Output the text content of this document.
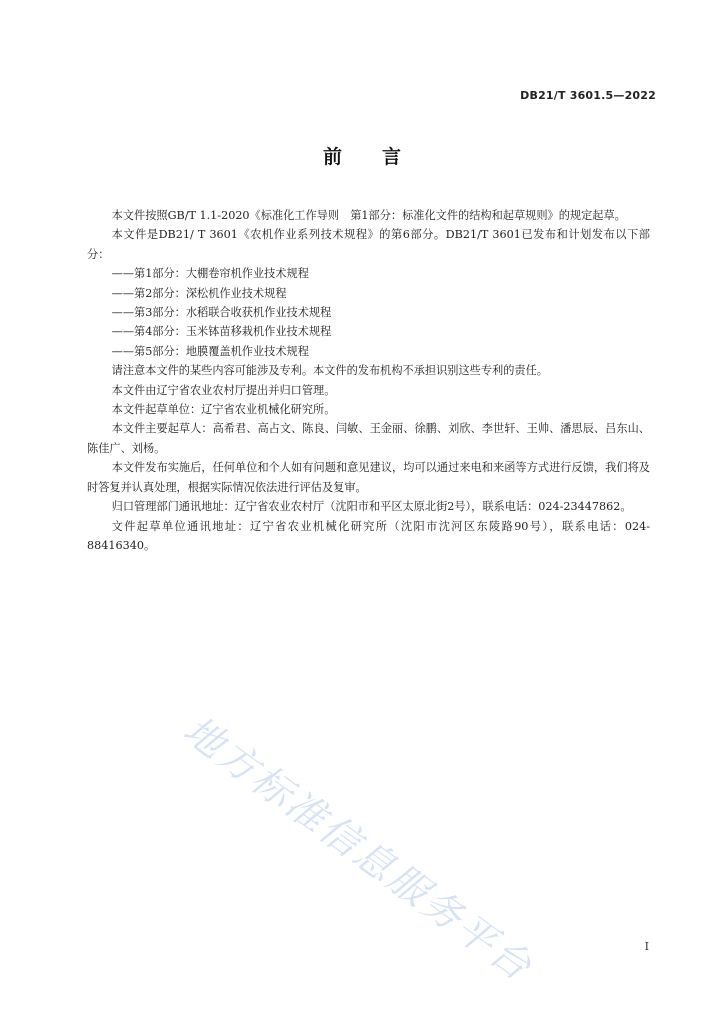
DB21/T 3601.5—2022
前言

本文件按照GB/T 1.1-2020《标准化工作导则　第1部分：标准化文件的结构和起草规则》的规定起草。

本文件是DB21/ T 3601《农机作业系列技术规程》的第6部分。DB21/T 3601已发布和计划发布以下部分：

——第1部分：大棚卷帘机作业技术规程

——第2部分：深松机作业技术规程

——第3部分：水稻联合收获机作业技术规程

——第4部分：玉米钵苗移栽机作业技术规程

——第5部分：地膜覆盖机作业技术规程

请注意本文件的某些内容可能涉及专利。本文件的发布机构不承担识别这些专利的责任。

本文件由辽宁省农业农村厅提出并归口管理。

本文件起草单位：辽宁省农业机械化研究所。

本文件主要起草人：高希君、高占文、陈良、闫敏、王金丽、徐鹏、刘欣、李世轩、王帅、潘思辰、吕东山、陈佳广、刘杨。

本文件发布实施后，任何单位和个人如有问题和意见建议，均可以通过来电和来函等方式进行反馈，我们将及时答复并认真处理，根据实际情况依法进行评估及复审。

归口管理部门通讯地址：辽宁省农业农村厅（沈阳市和平区太原北街2号），联系电话：024-23447862。

文件起草单位通讯地址：辽宁省农业机械化研究所（沈阳市沈河区东陵路90号），联系电话：024-88416340。

地方标准信息服务平台	I
